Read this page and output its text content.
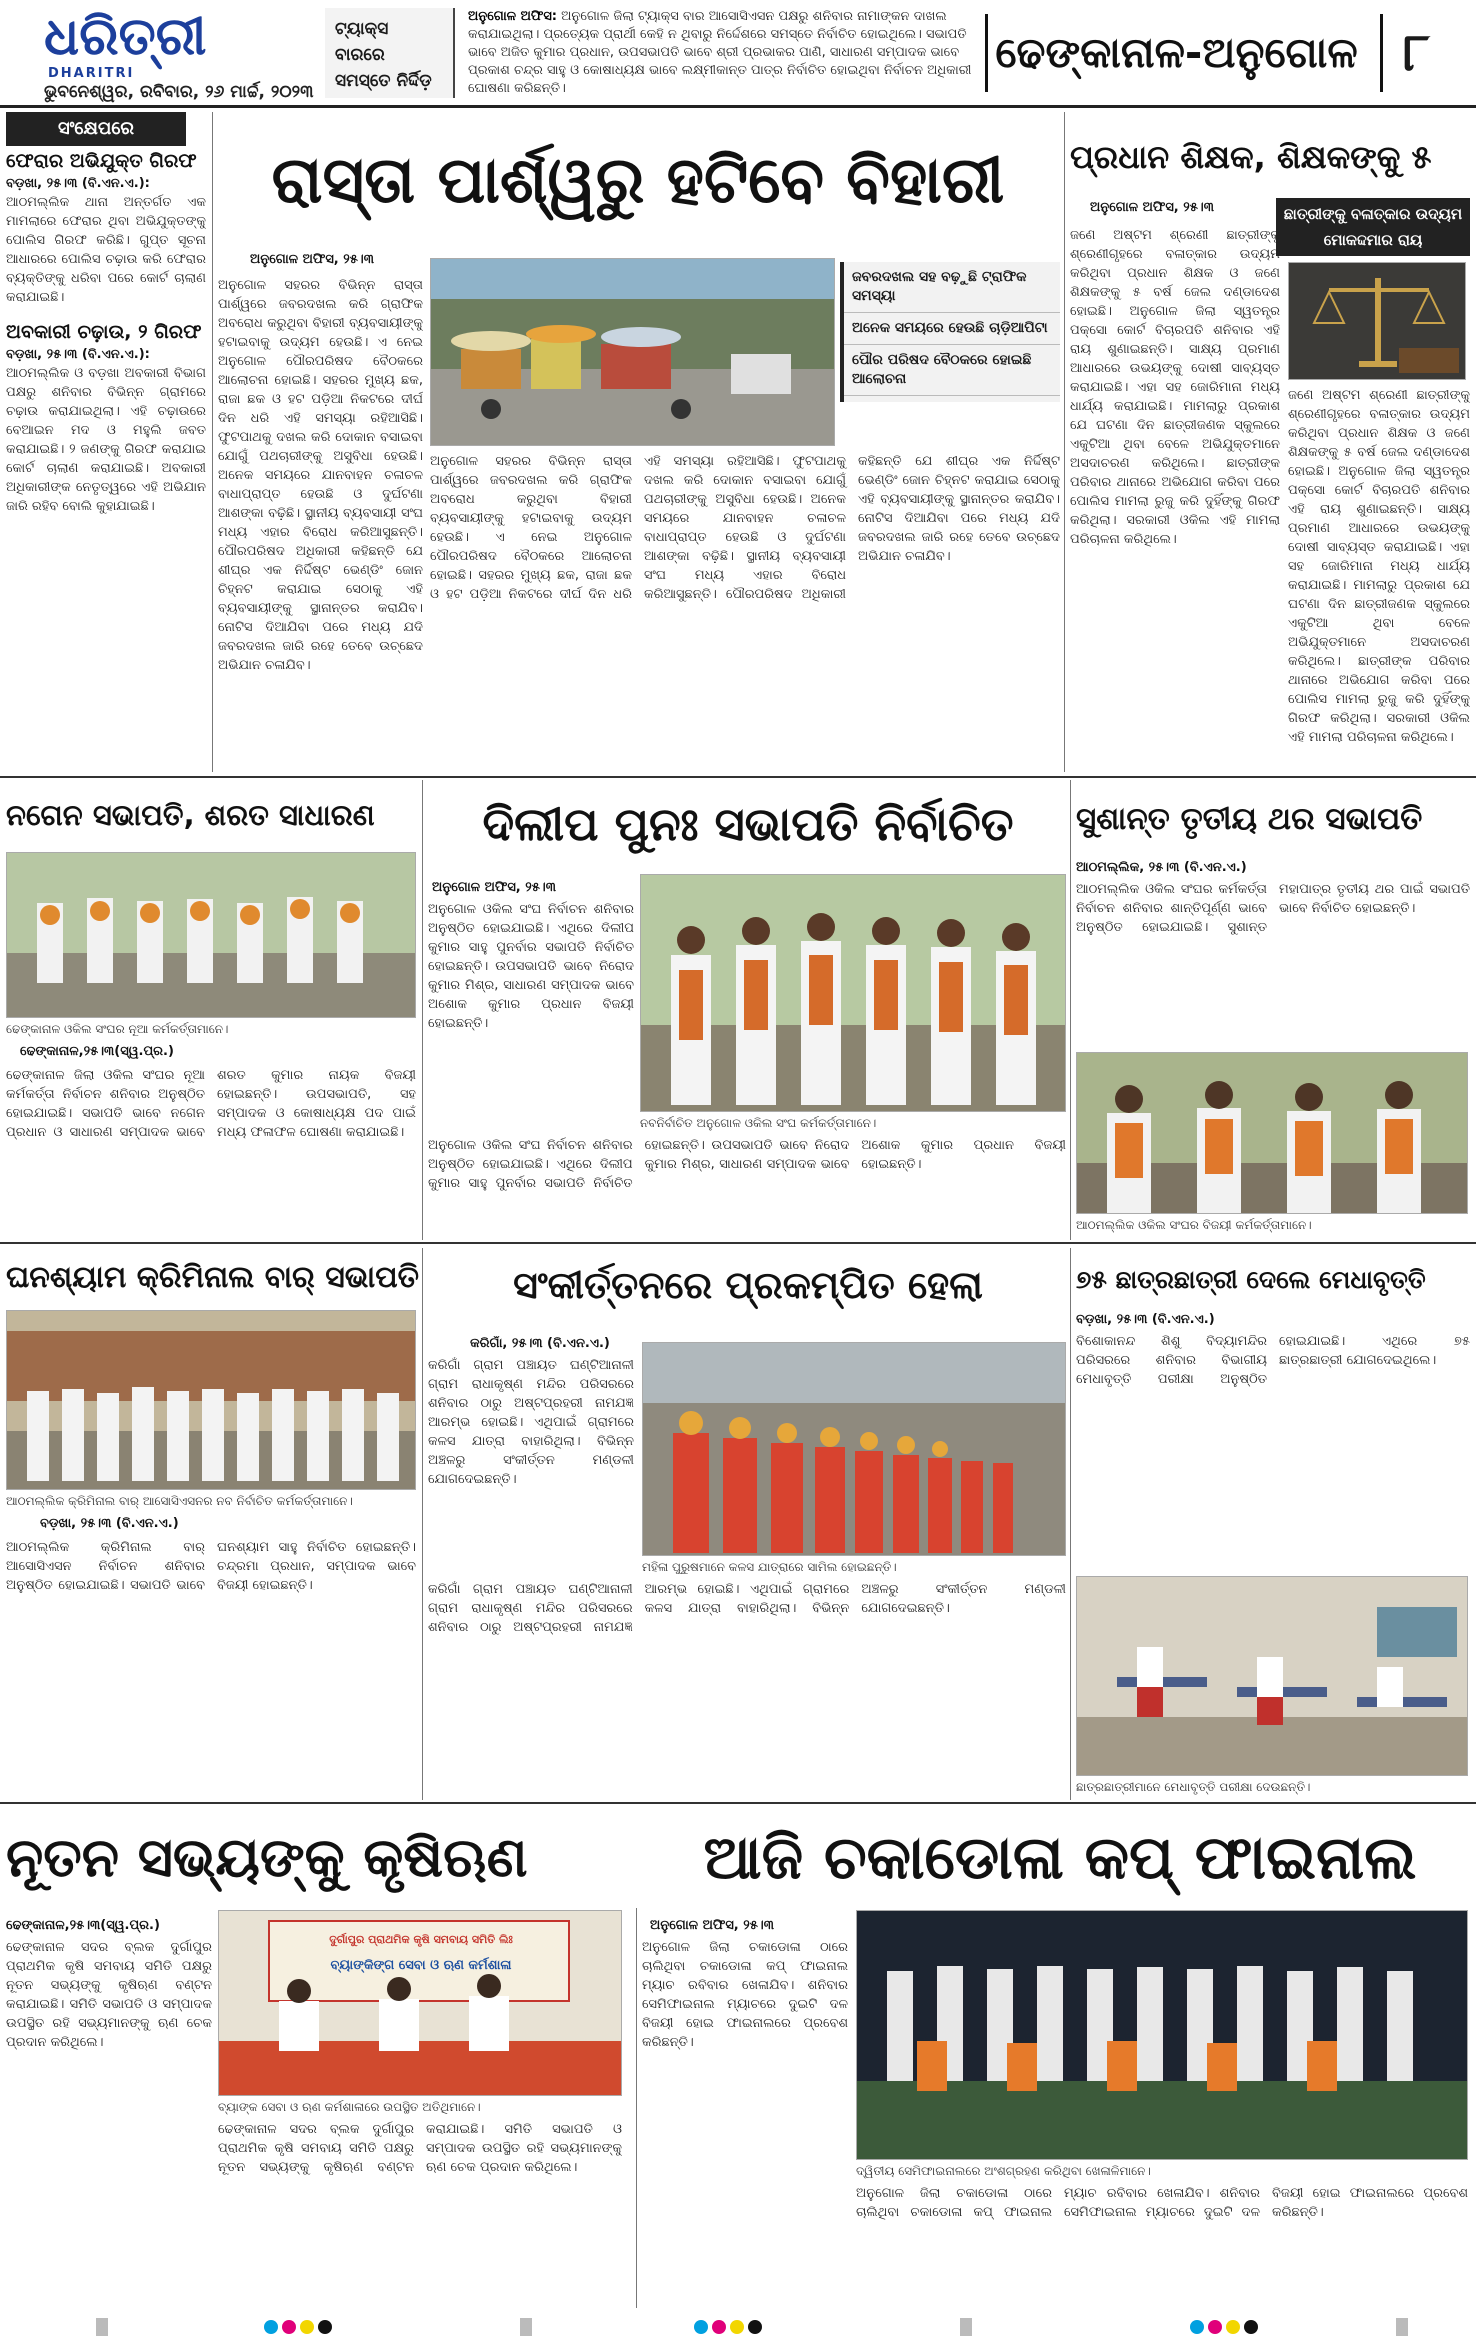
ଧରିତ୍ରୀ
DHARITRI
ଭୁବନେଶ୍ୱର, ରବିବାର, ୨୬ ମାର୍ଚ୍ଚ, ୨୦୨୩
ଟ୍ୟାକ୍ସ ବାରରେ ସମସ୍ତେ ନିର୍ଦ୍ଦିଡ଼
ଅନୁଗୋଳ ଅଫିସ: ଅନୁଗୋଳ ଜିଲା ଟ୍ୟାକ୍ସ ବାର ଆସୋସିଏସନ ପକ୍ଷରୁ ଶନିବାର ନାମାଙ୍କନ ଦାଖଲ କରାଯାଇଥିଲା। ପ୍ରତ୍ୟେକ ପ୍ରାର୍ଥୀ କେହି ନ ଥିବାରୁ ନିର୍ଦ୍ଦେଶରେ ସମସ୍ତେ ନିର୍ବାଚିତ ହୋଇଥିଲେ। ସଭାପତି ଭାବେ ଅଜିତ କୁମାର ପ୍ରଧାନ, ଉପସଭାପତି ଭାବେ ଶ୍ରୀ ପ୍ରଭାକର ପାଣି, ସାଧାରଣ ସମ୍ପାଦକ ଭାବେ ପ୍ରକାଶ ଚନ୍ଦ୍ର ସାହୁ ଓ କୋଷାଧ୍ୟକ୍ଷ ଭାବେ ଲକ୍ଷ୍ମୀକାନ୍ତ ପାତ୍ର ନିର୍ବାଚିତ ହୋଇଥିବା ନିର୍ବାଚନ ଅଧିକାରୀ ଘୋଷଣା କରିଛନ୍ତି।
ଢେଙ୍କାନାଳ-ଅନୁଗୋଳ ୮
ସଂକ୍ଷେପରେ
ଫେରାର ଅଭିଯୁକ୍ତ ଗିରଫ
ବଡ଼ଖା, ୨୫।୩ (ବି.ଏନ.ଏ.):
ଆଠମଲ୍ଲିକ ଥାନା ଅନ୍ତର୍ଗତ ଏକ ମାମଲାରେ ଫେରାର ଥିବା ଅଭିଯୁକ୍ତଙ୍କୁ ପୋଲିସ ଗିରଫ କରିଛି। ଗୁପ୍ତ ସୂଚନା ଆଧାରରେ ପୋଲିସ ଚଢ଼ାଉ କରି ଫେରାର ବ୍ୟକ୍ତିଙ୍କୁ ଧରିବା ପରେ କୋର୍ଟ ଚାଲାଣ କରାଯାଇଛି।
ଅବକାରୀ ଚଢ଼ାଉ, ୨ ଗିରଫ
ବଡ଼ଖା, ୨୫।୩ (ବି.ଏନ.ଏ.):
ଆଠମଲ୍ଲିକ ଓ ବଡ଼ଖା ଅବକାରୀ ବିଭାଗ ପକ୍ଷରୁ ଶନିବାର ବିଭିନ୍ନ ଗ୍ରାମରେ ଚଢ଼ାଉ କରାଯାଇଥିଲା। ଏହି ଚଢ଼ାଉରେ ବେଆଇନ ମଦ ଓ ମହୁଲି ଜବତ କରାଯାଇଛି। ୨ ଜଣଙ୍କୁ ଗିରଫ କରାଯାଇ କୋର୍ଟ ଚାଲାଣ କରାଯାଇଛି। ଅବକାରୀ ଅଧିକାରୀଙ୍କ ନେତୃତ୍ୱରେ ଏହି ଅଭିଯାନ ଜାରି ରହିବ ବୋଲି କୁହାଯାଇଛି।
ରାସ୍ତା ପାର୍ଶ୍ୱରୁ ହଟିବେ ବିହାରୀ
ଅନୁଗୋଳ ଅଫିସ, ୨୫।୩
ଜବରଦଖଲ ସହ ବଢ଼ୁଛି ଟ୍ରାଫିକ ସମସ୍ୟା
ଅନେକ ସମୟରେ ହେଉଛି ଚାଡ଼ିଆପିଟା
ପୌର ପରିଷଦ ବୈଠକରେ ହୋଇଛି ଆଲୋଚନା
ଅନୁଗୋଳ ସହରର ବିଭିନ୍ନ ରାସ୍ତା ପାର୍ଶ୍ୱରେ ଜବରଦଖଲ କରି ଗ୍ରାଫିକ ଅବରୋଧ କରୁଥିବା ବିହାରୀ ବ୍ୟବସାୟୀଙ୍କୁ ହଟାଇବାକୁ ଉଦ୍ୟମ ହେଉଛି। ଏ ନେଇ ଅନୁଗୋଳ ପୌରପରିଷଦ ବୈଠକରେ ଆଲୋଚନା ହୋଇଛି। ସହରର ମୁଖ୍ୟ ଛକ, ରାଜା ଛକ ଓ ହଟ ପଡ଼ିଆ ନିକଟରେ ଦୀର୍ଘ ଦିନ ଧରି ଏହି ସମସ୍ୟା ରହିଆସିଛି। ଫୁଟପାଥକୁ ଦଖଲ କରି ଦୋକାନ ବସାଇବା ଯୋଗୁଁ ପଥଚାରୀଙ୍କୁ ଅସୁବିଧା ହେଉଛି। ଅନେକ ସମୟରେ ଯାନବାହନ ଚଳାଚଳ ବାଧାପ୍ରାପ୍ତ ହେଉଛି ଓ ଦୁର୍ଘଟଣା ଆଶଙ୍କା ବଢ଼ିଛି। ସ୍ଥାନୀୟ ବ୍ୟବସାୟୀ ସଂଘ ମଧ୍ୟ ଏହାର ବିରୋଧ କରିଆସୁଛନ୍ତି। ପୌରପରିଷଦ ଅଧିକାରୀ କହିଛନ୍ତି ଯେ ଶୀଘ୍ର ଏକ ନିର୍ଦ୍ଦିଷ୍ଟ ଭେଣ୍ଡିଂ ଜୋନ ଚିହ୍ନଟ କରାଯାଇ ସେଠାକୁ ଏହି ବ୍ୟବସାୟୀଙ୍କୁ ସ୍ଥାନାନ୍ତର କରାଯିବ। ନୋଟିସ ଦିଆଯିବା ପରେ ମଧ୍ୟ ଯଦି ଜବରଦଖଲ ଜାରି ରହେ ତେବେ ଉଚ୍ଛେଦ ଅଭିଯାନ ଚଳାଯିବ।
ଅନୁଗୋଳ ସହରର ବିଭିନ୍ନ ରାସ୍ତା ପାର୍ଶ୍ୱରେ ଜବରଦଖଲ କରି ଗ୍ରାଫିକ ଅବରୋଧ କରୁଥିବା ବିହାରୀ ବ୍ୟବସାୟୀଙ୍କୁ ହଟାଇବାକୁ ଉଦ୍ୟମ ହେଉଛି। ଏ ନେଇ ଅନୁଗୋଳ ପୌରପରିଷଦ ବୈଠକରେ ଆଲୋଚନା ହୋଇଛି। ସହରର ମୁଖ୍ୟ ଛକ, ରାଜା ଛକ ଓ ହଟ ପଡ଼ିଆ ନିକଟରେ ଦୀର୍ଘ ଦିନ ଧରି ଏହି ସମସ୍ୟା ରହିଆସିଛି। ଫୁଟପାଥକୁ ଦଖଲ କରି ଦୋକାନ ବସାଇବା ଯୋଗୁଁ ପଥଚାରୀଙ୍କୁ ଅସୁବିଧା ହେଉଛି। ଅନେକ ସମୟରେ ଯାନବାହନ ଚଳାଚଳ ବାଧାପ୍ରାପ୍ତ ହେଉଛି ଓ ଦୁର୍ଘଟଣା ଆଶଙ୍କା ବଢ଼ିଛି। ସ୍ଥାନୀୟ ବ୍ୟବସାୟୀ ସଂଘ ମଧ୍ୟ ଏହାର ବିରୋଧ କରିଆସୁଛନ୍ତି। ପୌରପରିଷଦ ଅଧିକାରୀ କହିଛନ୍ତି ଯେ ଶୀଘ୍ର ଏକ ନିର୍ଦ୍ଦିଷ୍ଟ ଭେଣ୍ଡିଂ ଜୋନ ଚିହ୍ନଟ କରାଯାଇ ସେଠାକୁ ଏହି ବ୍ୟବସାୟୀଙ୍କୁ ସ୍ଥାନାନ୍ତର କରାଯିବ। ନୋଟିସ ଦିଆଯିବା ପରେ ମଧ୍ୟ ଯଦି ଜବରଦଖଲ ଜାରି ରହେ ତେବେ ଉଚ୍ଛେଦ ଅଭିଯାନ ଚଳାଯିବ।
ପ୍ରଧାନ ଶିକ୍ଷକ, ଶିକ୍ଷକଙ୍କୁ ୫
ଅନୁଗୋଳ ଅଫିସ, ୨୫।୩	ଛାତ୍ରୀଙ୍କୁ ବଳାତ୍କାର ଉଦ୍ୟମ ମୋକଦ୍ଦମାର ରାୟ
ଜଣେ ଅଷ୍ଟମ ଶ୍ରେଣୀ ଛାତ୍ରୀଙ୍କୁ ଶ୍ରେଣୀଗୃହରେ ବଳାତ୍କାର ଉଦ୍ୟମ କରିଥିବା ପ୍ରଧାନ ଶିକ୍ଷକ ଓ ଜଣେ ଶିକ୍ଷକଙ୍କୁ ୫ ବର୍ଷ ଜେଲ ଦଣ୍ଡାଦେଶ ହୋଇଛି। ଅନୁଗୋଳ ଜିଲା ସ୍ୱତନ୍ତ୍ର ପକ୍ସୋ କୋର୍ଟ ବିଚାରପତି ଶନିବାର ଏହି ରାୟ ଶୁଣାଇଛନ୍ତି। ସାକ୍ଷ୍ୟ ପ୍ରମାଣ ଆଧାରରେ ଉଭୟଙ୍କୁ ଦୋଷୀ ସାବ୍ୟସ୍ତ କରାଯାଇଛି। ଏହା ସହ ଜୋରିମାନା ମଧ୍ୟ ଧାର୍ଯ୍ୟ କରାଯାଇଛି। ମାମଲାରୁ ପ୍ରକାଶ ଯେ ଘଟଣା ଦିନ ଛାତ୍ରୀଜଣକ ସ୍କୁଲରେ ଏକୁଟିଆ ଥିବା ବେଳେ ଅଭିଯୁକ୍ତମାନେ ଅସଦାଚରଣ କରିଥିଲେ। ଛାତ୍ରୀଙ୍କ ପରିବାର ଥାନାରେ ଅଭିଯୋଗ କରିବା ପରେ ପୋଲିସ ମାମଲା ରୁଜୁ କରି ଦୁହିଁଙ୍କୁ ଗିରଫ କରିଥିଲା। ସରକାରୀ ଓକିଲ ଏହି ମାମଲା ପରିଚାଳନା କରିଥିଲେ।
ଜଣେ ଅଷ୍ଟମ ଶ୍ରେଣୀ ଛାତ୍ରୀଙ୍କୁ ଶ୍ରେଣୀଗୃହରେ ବଳାତ୍କାର ଉଦ୍ୟମ କରିଥିବା ପ୍ରଧାନ ଶିକ୍ଷକ ଓ ଜଣେ ଶିକ୍ଷକଙ୍କୁ ୫ ବର୍ଷ ଜେଲ ଦଣ୍ଡାଦେଶ ହୋଇଛି। ଅନୁଗୋଳ ଜିଲା ସ୍ୱତନ୍ତ୍ର ପକ୍ସୋ କୋର୍ଟ ବିଚାରପତି ଶନିବାର ଏହି ରାୟ ଶୁଣାଇଛନ୍ତି। ସାକ୍ଷ୍ୟ ପ୍ରମାଣ ଆଧାରରେ ଉଭୟଙ୍କୁ ଦୋଷୀ ସାବ୍ୟସ୍ତ କରାଯାଇଛି। ଏହା ସହ ଜୋରିମାନା ମଧ୍ୟ ଧାର୍ଯ୍ୟ କରାଯାଇଛି। ମାମଲାରୁ ପ୍ରକାଶ ଯେ ଘଟଣା ଦିନ ଛାତ୍ରୀଜଣକ ସ୍କୁଲରେ ଏକୁଟିଆ ଥିବା ବେଳେ ଅଭିଯୁକ୍ତମାନେ ଅସଦାଚରଣ କରିଥିଲେ। ଛାତ୍ରୀଙ୍କ ପରିବାର ଥାନାରେ ଅଭିଯୋଗ କରିବା ପରେ ପୋଲିସ ମାମଲା ରୁଜୁ କରି ଦୁହିଁଙ୍କୁ ଗିରଫ କରିଥିଲା। ସରକାରୀ ଓକିଲ ଏହି ମାମଲା ପରିଚାଳନା କରିଥିଲେ।
ନଗେନ ସଭାପତି, ଶରତ ସାଧାରଣ
ଢେଙ୍କାନାଳ ଓକିଲ ସଂଘର ନୂଆ କର୍ମକର୍ତ୍ତାମାନେ।
ଢେଙ୍କାନାଳ,୨୫।୩(ସ୍ୱ.ପ୍ର.)
ଢେଙ୍କାନାଳ ଜିଲା ଓକିଲ ସଂଘର ନୂଆ କର୍ମକର୍ତ୍ତା ନିର୍ବାଚନ ଶନିବାର ଅନୁଷ୍ଠିତ ହୋଇଯାଇଛି। ସଭାପତି ଭାବେ ନଗେନ ପ୍ରଧାନ ଓ ସାଧାରଣ ସମ୍ପାଦକ ଭାବେ ଶରତ କୁମାର ନାୟକ ବିଜୟୀ ହୋଇଛନ୍ତି। ଉପସଭାପତି, ସହ ସମ୍ପାଦକ ଓ କୋଷାଧ୍ୟକ୍ଷ ପଦ ପାଇଁ ମଧ୍ୟ ଫଳାଫଳ ଘୋଷଣା କରାଯାଇଛି।
ଦିଲୀପ ପୁନଃ ସଭାପତି ନିର୍ବାଚିତ
ଅନୁଗୋଳ ଅଫିସ, ୨୫।୩
ଅନୁଗୋଳ ଓକିଲ ସଂଘ ନିର୍ବାଚନ ଶନିବାର ଅନୁଷ୍ଠିତ ହୋଇଯାଇଛି। ଏଥିରେ ଦିଲୀପ କୁମାର ସାହୁ ପୁନର୍ବାର ସଭାପତି ନିର୍ବାଚିତ ହୋଇଛନ୍ତି। ଉପସଭାପତି ଭାବେ ନିରୋଦ କୁମାର ମିଶ୍ର, ସାଧାରଣ ସମ୍ପାଦକ ଭାବେ ଅଶୋକ କୁମାର ପ୍ରଧାନ ବିଜୟୀ ହୋଇଛନ୍ତି।
ନବନିର୍ବାଚିତ ଅନୁଗୋଳ ଓକିଲ ସଂଘ କର୍ମକର୍ତ୍ତାମାନେ।
ଅନୁଗୋଳ ଓକିଲ ସଂଘ ନିର୍ବାଚନ ଶନିବାର ଅନୁଷ୍ଠିତ ହୋଇଯାଇଛି। ଏଥିରେ ଦିଲୀପ କୁମାର ସାହୁ ପୁନର୍ବାର ସଭାପତି ନିର୍ବାଚିତ ହୋଇଛନ୍ତି। ଉପସଭାପତି ଭାବେ ନିରୋଦ କୁମାର ମିଶ୍ର, ସାଧାରଣ ସମ୍ପାଦକ ଭାବେ ଅଶୋକ କୁମାର ପ୍ରଧାନ ବିଜୟୀ ହୋଇଛନ୍ତି।
ସୁଶାନ୍ତ ତୃତୀୟ ଥର ସଭାପତି
ଆଠମଲ୍ଲିକ, ୨୫।୩ (ବି.ଏନ.ଏ.)
ଆଠମଲ୍ଲିକ ଓକିଲ ସଂଘର କର୍ମକର୍ତ୍ତା ନିର୍ବାଚନ ଶନିବାର ଶାନ୍ତିପୂର୍ଣ୍ଣ ଭାବେ ଅନୁଷ୍ଠିତ ହୋଇଯାଇଛି। ସୁଶାନ୍ତ ମହାପାତ୍ର ତୃତୀୟ ଥର ପାଇଁ ସଭାପତି ଭାବେ ନିର୍ବାଚିତ ହୋଇଛନ୍ତି।
ଆଠମଲ୍ଲିକ ଓକିଲ ସଂଘର ବିଜୟୀ କର୍ମକର୍ତ୍ତାମାନେ।
ଘନଶ୍ୟାମ କ୍ରିମିନାଲ ବାର୍ ସଭାପତି
ଆଠମଲ୍ଲିକ କ୍ରିମିନାଲ ବାର୍ ଆସୋସିଏସନର ନବ ନିର୍ବାଚିତ କର୍ମକର୍ତ୍ତାମାନେ।
ବଡ଼ଖା, ୨୫।୩ (ବି.ଏନ.ଏ.)
ଆଠମଲ୍ଲିକ କ୍ରିମିନାଲ ବାର୍ ଆସୋସିଏସନ ନିର୍ବାଚନ ଶନିବାର ଅନୁଷ୍ଠିତ ହୋଇଯାଇଛି। ସଭାପତି ଭାବେ ଘନଶ୍ୟାମ ସାହୁ ନିର୍ବାଚିତ ହୋଇଛନ୍ତି। ଚନ୍ଦ୍ରମା ପ୍ରଧାନ, ସମ୍ପାଦକ ଭାବେ ବିଜୟୀ ହୋଇଛନ୍ତି।
ସଂକୀର୍ତ୍ତନରେ ପ୍ରକମ୍ପିତ ହେଲା
କରିଗାଁ, ୨୫।୩ (ବି.ଏନ.ଏ.)
କରିଗାଁ ଗ୍ରାମ ପଞ୍ଚାୟତ ଘଣ୍ଟିଆନାଳୀ ଗ୍ରାମ ରାଧାକୃଷ୍ଣ ମନ୍ଦିର ପରିସରରେ ଶନିବାର ଠାରୁ ଅଷ୍ଟପ୍ରହରୀ ନାମଯଜ୍ଞ ଆରମ୍ଭ ହୋଇଛି। ଏଥିପାଇଁ ଗ୍ରାମରେ କଳସ ଯାତ୍ରା ବାହାରିଥିଲା। ବିଭିନ୍ନ ଅଞ୍ଚଳରୁ ସଂକୀର୍ତ୍ତନ ମଣ୍ଡଳୀ ଯୋଗଦେଇଛନ୍ତି।
ମହିଳା ପୁରୁଷମାନେ କଳସ ଯାତ୍ରାରେ ସାମିଲ ହୋଇଛନ୍ତି।
କରିଗାଁ ଗ୍ରାମ ପଞ୍ଚାୟତ ଘଣ୍ଟିଆନାଳୀ ଗ୍ରାମ ରାଧାକୃଷ୍ଣ ମନ୍ଦିର ପରିସରରେ ଶନିବାର ଠାରୁ ଅଷ୍ଟପ୍ରହରୀ ନାମଯଜ୍ଞ ଆରମ୍ଭ ହୋଇଛି। ଏଥିପାଇଁ ଗ୍ରାମରେ କଳସ ଯାତ୍ରା ବାହାରିଥିଲା। ବିଭିନ୍ନ ଅଞ୍ଚଳରୁ ସଂକୀର୍ତ୍ତନ ମଣ୍ଡଳୀ ଯୋଗଦେଇଛନ୍ତି।
୭୫ ଛାତ୍ରଛାତ୍ରୀ ଦେଲେ ମେଧାବୃତ୍ତି
ବଡ଼ଖା, ୨୫।୩ (ବି.ଏନ.ଏ.)
ବିଶୋକାନନ୍ଦ ଶିଶୁ ବିଦ୍ୟାମନ୍ଦିର ପରିସରରେ ଶନିବାର ବିଭାଗୀୟ ମେଧାବୃତ୍ତି ପରୀକ୍ଷା ଅନୁଷ୍ଠିତ ହୋଇଯାଇଛି। ଏଥିରେ ୭୫ ଛାତ୍ରଛାତ୍ରୀ ଯୋଗଦେଇଥିଲେ।
ଛାତ୍ରଛାତ୍ରୀମାନେ ମେଧାବୃତ୍ତି ପରୀକ୍ଷା ଦେଉଛନ୍ତି।
ନୂତନ ସଭ୍ୟଙ୍କୁ କୃଷିଋଣ	ଆଜି ଚକାଡୋଳା କପ୍ ଫାଇନାଲ
ଢେଙ୍କାନାଳ,୨୫।୩(ସ୍ୱ.ପ୍ର.)
ଢେଙ୍କାନାଳ ସଦର ବ୍ଲକ ଦୁର୍ଗାପୁର ପ୍ରାଥମିକ କୃଷି ସମବାୟ ସମିତି ପକ୍ଷରୁ ନୂତନ ସଭ୍ୟଙ୍କୁ କୃଷିଋଣ ବଣ୍ଟନ କରାଯାଇଛି। ସମିତି ସଭାପତି ଓ ସମ୍ପାଦକ ଉପସ୍ଥିତ ରହି ସଭ୍ୟମାନଙ୍କୁ ଋଣ ଚେକ ପ୍ରଦାନ କରିଥିଲେ।
ଦୁର୍ଗାପୁର ପ୍ରାଥମିକ କୃଷି ସମବାୟ ସମିତି ଲିଃ
ବ୍ୟାଙ୍କିଙ୍ଗ ସେବା ଓ ଋଣ କର୍ମଶାଳା
ବ୍ୟାଙ୍କ ସେବା ଓ ଋଣ କର୍ମଶାଳାରେ ଉପସ୍ଥିତ ଅତିଥିମାନେ।
ଢେଙ୍କାନାଳ ସଦର ବ୍ଲକ ଦୁର୍ଗାପୁର ପ୍ରାଥମିକ କୃଷି ସମବାୟ ସମିତି ପକ୍ଷରୁ ନୂତନ ସଭ୍ୟଙ୍କୁ କୃଷିଋଣ ବଣ୍ଟନ କରାଯାଇଛି। ସମିତି ସଭାପତି ଓ ସମ୍ପାଦକ ଉପସ୍ଥିତ ରହି ସଭ୍ୟମାନଙ୍କୁ ଋଣ ଚେକ ପ୍ରଦାନ କରିଥିଲେ।
ଅନୁଗୋଳ ଅଫିସ, ୨୫।୩
ଅନୁଗୋଳ ଜିଲା ଚକାଡୋଳା ଠାରେ ଚାଲିଥିବା ଚକାଡୋଳା କପ୍ ଫାଇନାଲ ମ୍ୟାଚ ରବିବାର ଖେଳାଯିବ। ଶନିବାର ସେମିଫାଇନାଲ ମ୍ୟାଚରେ ଦୁଇଟି ଦଳ ବିଜୟୀ ହୋଇ ଫାଇନାଲରେ ପ୍ରବେଶ କରିଛନ୍ତି।
ଦ୍ୱିତୀୟ ସେମିଫାଇନାଲରେ ଅଂଶଗ୍ରହଣ କରିଥିବା ଖେଳାଳିମାନେ।
ଅନୁଗୋଳ ଜିଲା ଚକାଡୋଳା ଠାରେ ଚାଲିଥିବା ଚକାଡୋଳା କପ୍ ଫାଇନାଲ ମ୍ୟାଚ ରବିବାର ଖେଳାଯିବ। ଶନିବାର ସେମିଫାଇନାଲ ମ୍ୟାଚରେ ଦୁଇଟି ଦଳ ବିଜୟୀ ହୋଇ ଫାଇନାଲରେ ପ୍ରବେଶ କରିଛନ୍ତି।
